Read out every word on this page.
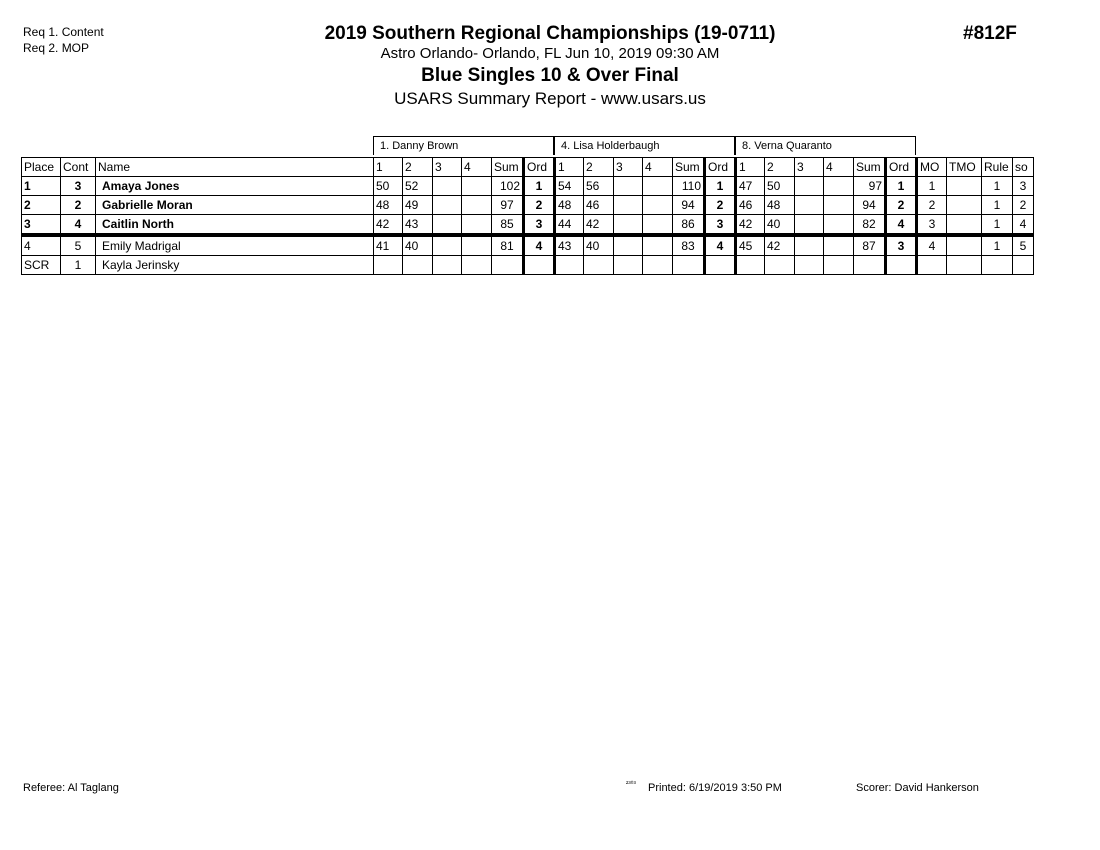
Req 1. Content
Req 2. MOP
2019 Southern Regional Championships (19-0711)
Astro Orlando- Orlando, FL Jun 10, 2019 09:30 AM
Blue Singles 10 & Over Final
USARS Summary Report - www.usars.us
#812F
1. Danny Brown	4. Lisa Holderbaugh	8. Verna Quaranto
Place	Cont	Name	1	2	3	4	Sum	Ord	1	2	3	4	Sum	Ord	1	2	3	4	Sum	Ord	MO	TMO	Rule	so
1	3	Amaya Jones	50	52			102	1	54	56			110	1	47	50			97	1	1		1	3
2	2	Gabrielle Moran	48	49			97	2	48	46			94	2	46	48			94	2	2		1	2
3	4	Caitlin North	42	43			85	3	44	42			86	3	42	40			82	4	3		1	4
4	5	Emily Madrigal	41	40			81	4	43	40			83	4	45	42			87	3	4		1	5
SCR	1	Kayla Jerinsky																						
Referee: Al Taglang	²³⁰³ Printed: 6/19/2019 3:50 PM	Scorer: David Hankerson
